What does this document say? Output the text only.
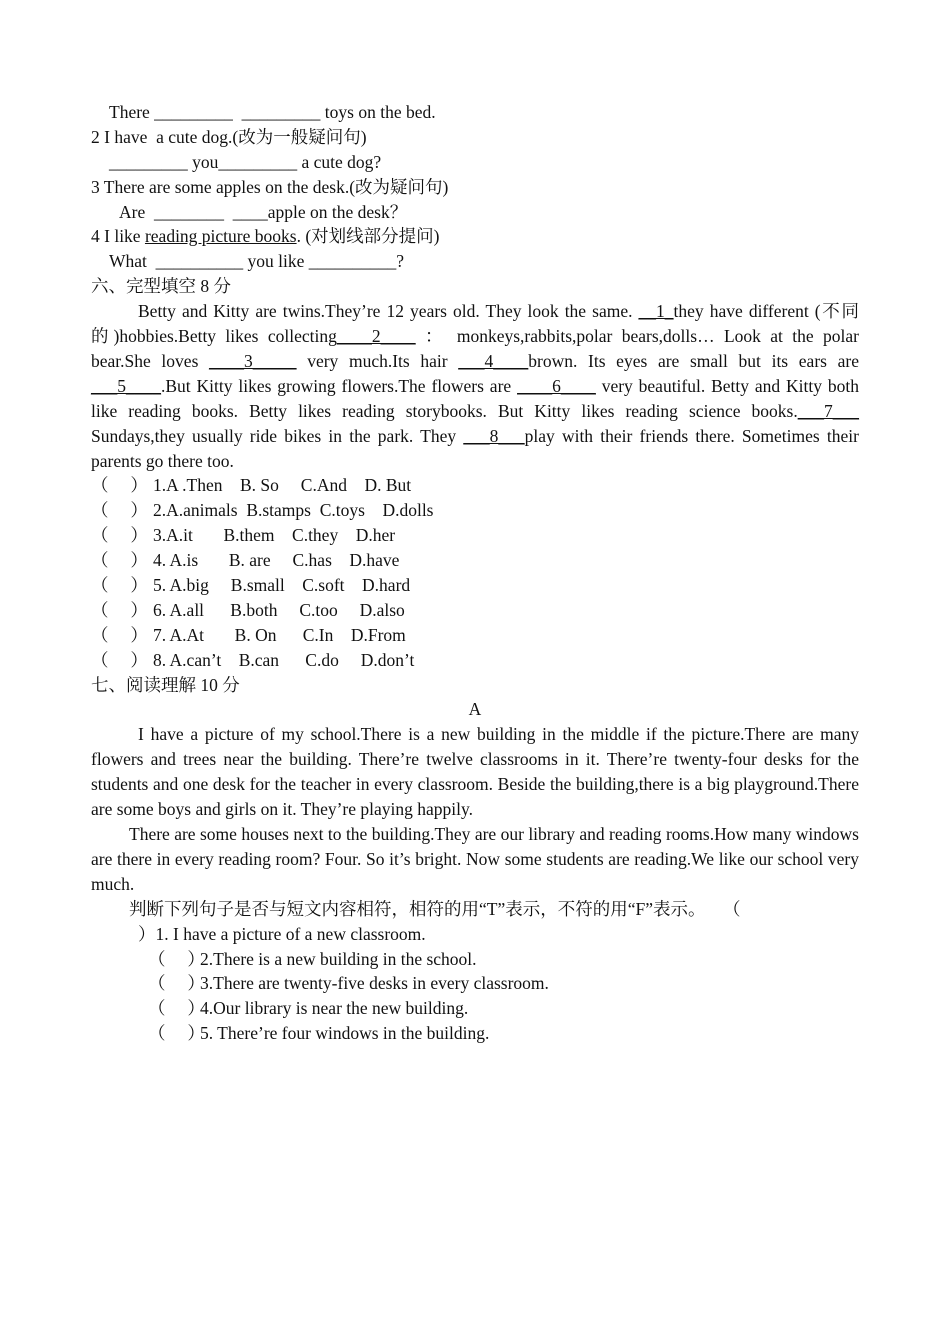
There _________  _________ toys on the bed.
2 I have  a cute dog.(改为一般疑问句)
_________ you_________ a cute dog?
3 There are some apples on the desk.(改为疑问句)
Are  ________  ____apple on the desk？
4 I like reading picture books. (对划线部分提问)
What  __________ you like __________?
六、完型填空 8 分
Betty and Kitty are twins.They’re 12 years old. They look the same. __1_they have different (不同的)hobbies.Betty likes collecting____2____ ： monkeys,rabbits,polar bears,dolls… Look at the polar bear.She loves ____3_____ very much.Its hair ___4____brown. Its eyes are small but its ears are ___5____.But Kitty likes growing flowers.The flowers are ____6____ very beautiful. Betty and Kitty both like reading books. Betty likes reading storybooks. But Kitty likes reading science books.___7___ Sundays,they usually ride bikes in the park. They ___8___play with their friends there. Sometimes their parents go there too.
（     ） 1.A .Then    B. So     C.And    D. But
（     ） 2.A.animals  B.stamps  C.toys    D.dolls
（     ） 3.A.it       B.them    C.they    D.her
（     ） 4. A.is       B. are     C.has    D.have
（     ） 5. A.big     B.small    C.soft    D.hard
（     ） 6. A.all      B.both     C.too     D.also
（     ） 7. A.At       B. On      C.In    D.From
（     ） 8. A.can’t    B.can      C.do     D.don’t
七、阅读理解 10 分
A
I have a picture of my school.There is a new building in the middle if the picture.There are many flowers and trees near the building. There’re twelve classrooms in it. There’re twenty-four desks for the students and one desk for the teacher in every classroom. Beside the building,there is a big playground.There are some boys and girls on it. They’re playing happily.
There are some houses next to the building.They are our library and reading rooms.How many windows are there in every reading room? Four. So it’s bright. Now some students are reading.We like our school very much.
判断下列句子是否与短文内容相符，相符的用“T”表示，不符的用“F”表示。    （
）1. I have a picture of a new classroom.
（     ）2.There is a new building in the school.
（     ）3.There are twenty-five desks in every classroom.
（     ）4.Our library is near the new building.
（     ）5. There’re four windows in the building.
